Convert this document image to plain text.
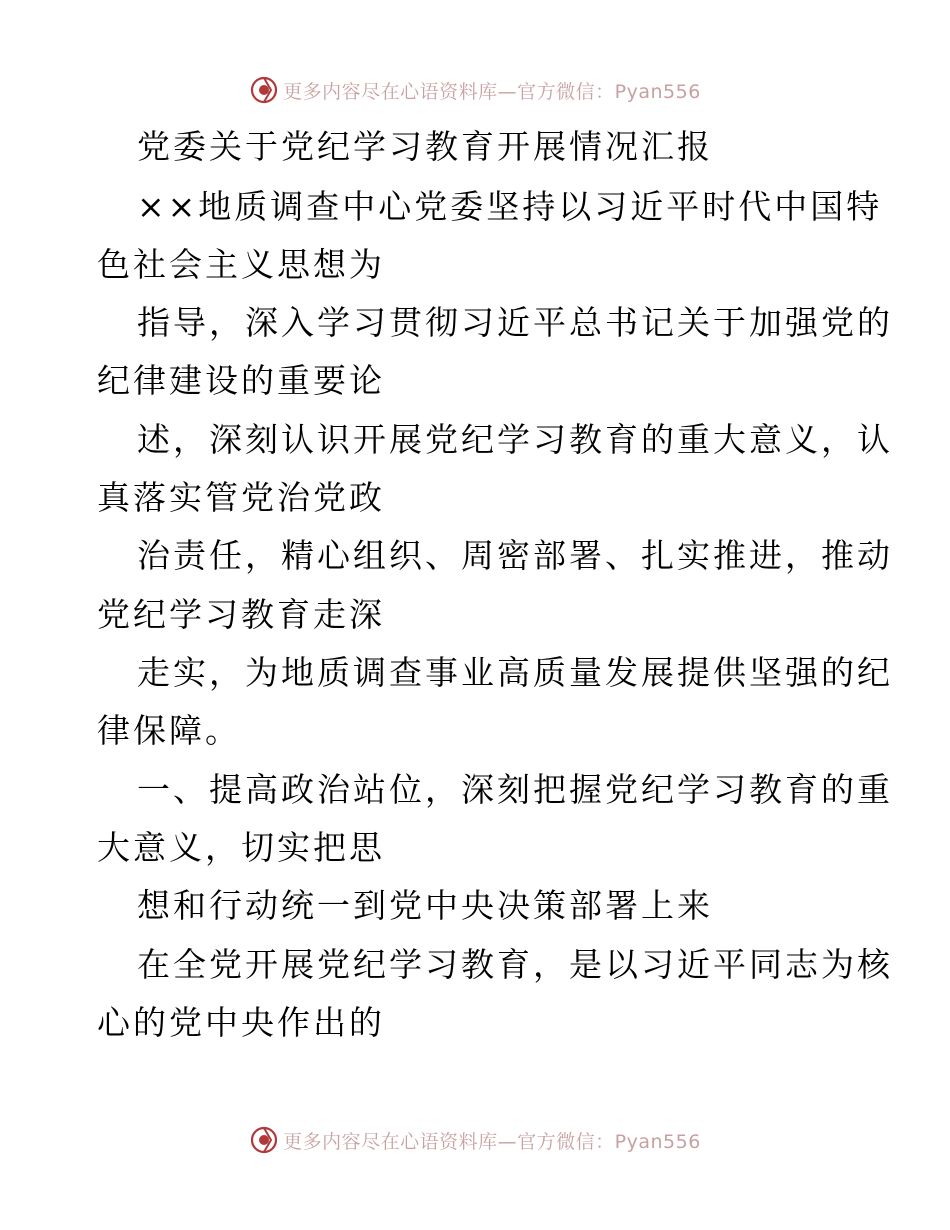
更多内容尽在心语资料库—官方微信：Pyan556
党委关于党纪学习教育开展情况汇报
××地质调查中心党委坚持以习近平时代中国特
色社会主义思想为
指导，深入学习贯彻习近平总书记关于加强党的
纪律建设的重要论
述，深刻认识开展党纪学习教育的重大意义，认
真落实管党治党政
治责任，精心组织、周密部署、扎实推进，推动
党纪学习教育走深
走实，为地质调查事业高质量发展提供坚强的纪
律保障。
一、提高政治站位，深刻把握党纪学习教育的重
大意义，切实把思
想和行动统一到党中央决策部署上来
在全党开展党纪学习教育，是以习近平同志为核
心的党中央作出的
更多内容尽在心语资料库—官方微信：Pyan556
